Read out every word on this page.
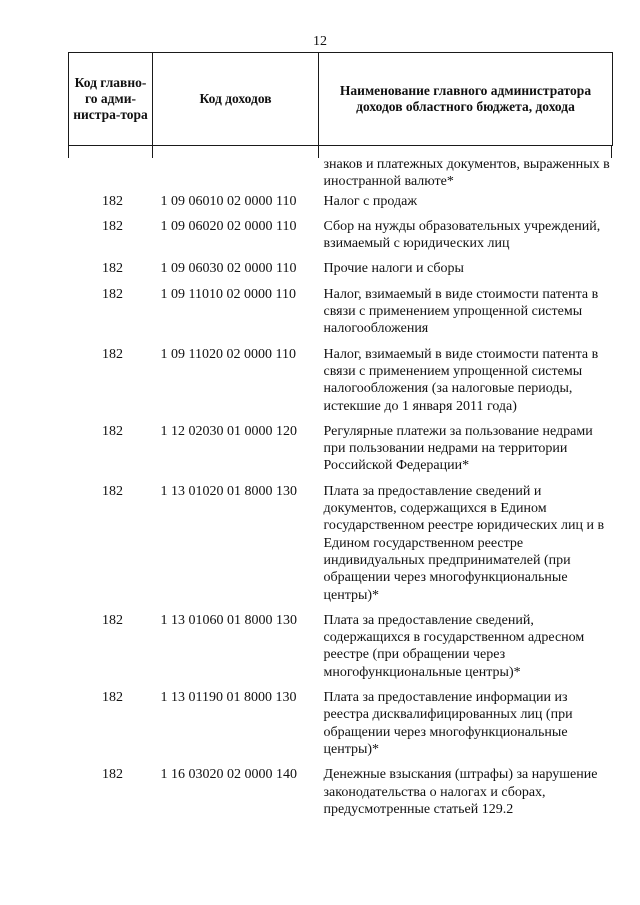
12
Код главно-го адми-нистра-тора	Код доходов	Наименование главного администратора доходов областного бюджета, дохода

		знаков и платежных документов, выраженных в иностранной валюте*
182	1 09 06010 02 0000 110	Налог с продаж
182	1 09 06020 02 0000 110	Сбор на нужды образовательных учреждений, взимаемый с юридических лиц
182	1 09 06030 02 0000 110	Прочие налоги и сборы
182	1 09 11010 02 0000 110	Налог, взимаемый в виде стоимости патента в связи с применением упрощенной системы налогообложения
182	1 09 11020 02 0000 110	Налог, взимаемый в виде стоимости патента в связи с применением упрощенной системы налогообложения (за налоговые периоды, истекшие до 1 января 2011 года)
182	1 12 02030 01 0000 120	Регулярные платежи за пользование недрами при пользовании недрами на территории Российской Федерации*
182	1 13 01020 01 8000 130	Плата за предоставление сведений и документов, содержащихся в Едином государственном реестре юридических лиц и в Едином государственном реестре индивидуальных предпринимателей (при обращении через многофункциональные центры)*
182	1 13 01060 01 8000 130	Плата за предоставление сведений, содержащихся в государственном адресном реестре (при обращении через многофункциональные центры)*
182	1 13 01190 01 8000 130	Плата за предоставление информации из реестра дисквалифицированных лиц (при обращении через многофункциональные центры)*
182	1 16 03020 02 0000 140	Денежные взыскания (штрафы) за нарушение законодательства о налогах и сборах, предусмотренные статьей 129.2
